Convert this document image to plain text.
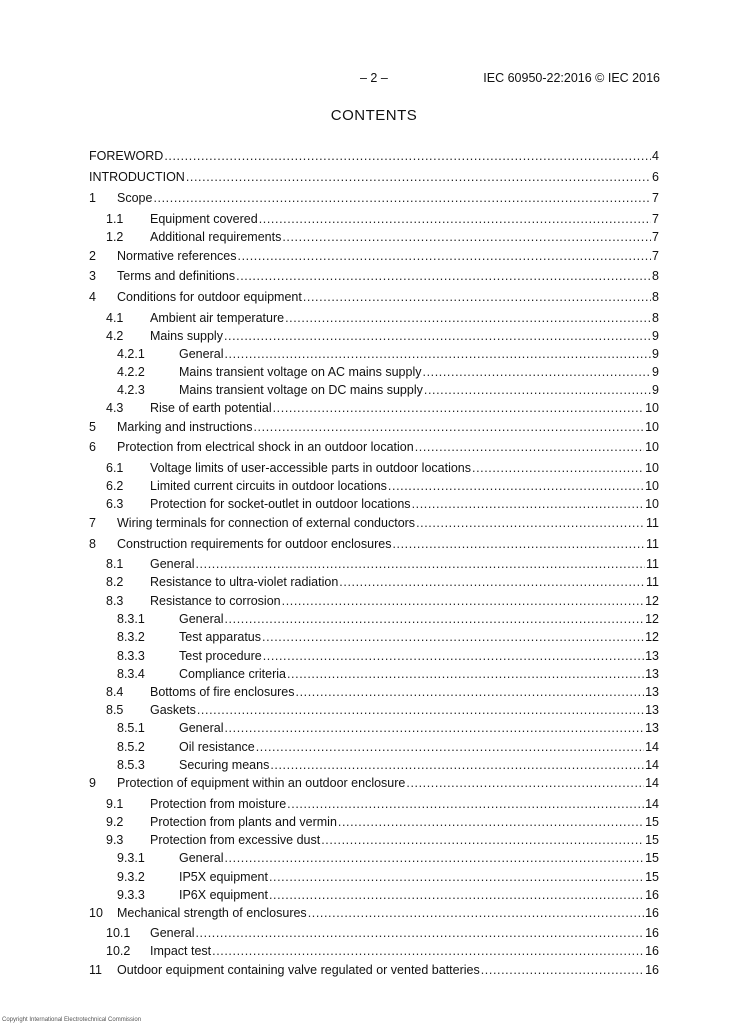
– 2 –	IEC 60950-22:2016 © IEC 2016
CONTENTS
FOREWORD .....	4
INTRODUCTION .....	6
1	Scope .....	7
1.1	Equipment covered .....	7
1.2	Additional requirements .....	7
2	Normative references .....	7
3	Terms and definitions .....	8
4	Conditions for outdoor equipment .....	8
4.1	Ambient air temperature .....	8
4.2	Mains supply .....	9
4.2.1	General .....	9
4.2.2	Mains transient voltage on AC mains supply .....	9
4.2.3	Mains transient voltage on DC mains supply .....	9
4.3	Rise of earth potential .....	10
5	Marking and instructions .....	10
6	Protection from electrical shock in an outdoor location .....	10
6.1	Voltage limits of user-accessible parts in outdoor locations .....	10
6.2	Limited current circuits in outdoor locations .....	10
6.3	Protection for socket-outlet in outdoor locations .....	10
7	Wiring terminals for connection of external conductors .....	11
8	Construction requirements for outdoor enclosures .....	11
8.1	General .....	11
8.2	Resistance to ultra-violet radiation .....	11
8.3	Resistance to corrosion .....	12
8.3.1	General .....	12
8.3.2	Test apparatus .....	12
8.3.3	Test procedure .....	13
8.3.4	Compliance criteria .....	13
8.4	Bottoms of fire enclosures .....	13
8.5	Gaskets .....	13
8.5.1	General .....	13
8.5.2	Oil resistance .....	14
8.5.3	Securing means .....	14
9	Protection of equipment within an outdoor enclosure .....	14
9.1	Protection from moisture .....	14
9.2	Protection from plants and vermin .....	15
9.3	Protection from excessive dust .....	15
9.3.1	General .....	15
9.3.2	IP5X equipment .....	15
9.3.3	IP6X equipment .....	16
10	Mechanical strength of enclosures .....	16
10.1	General .....	16
10.2	Impact test .....	16
11	Outdoor equipment containing valve regulated or vented batteries .....	16
Copyright International Electrotechnical Commission
